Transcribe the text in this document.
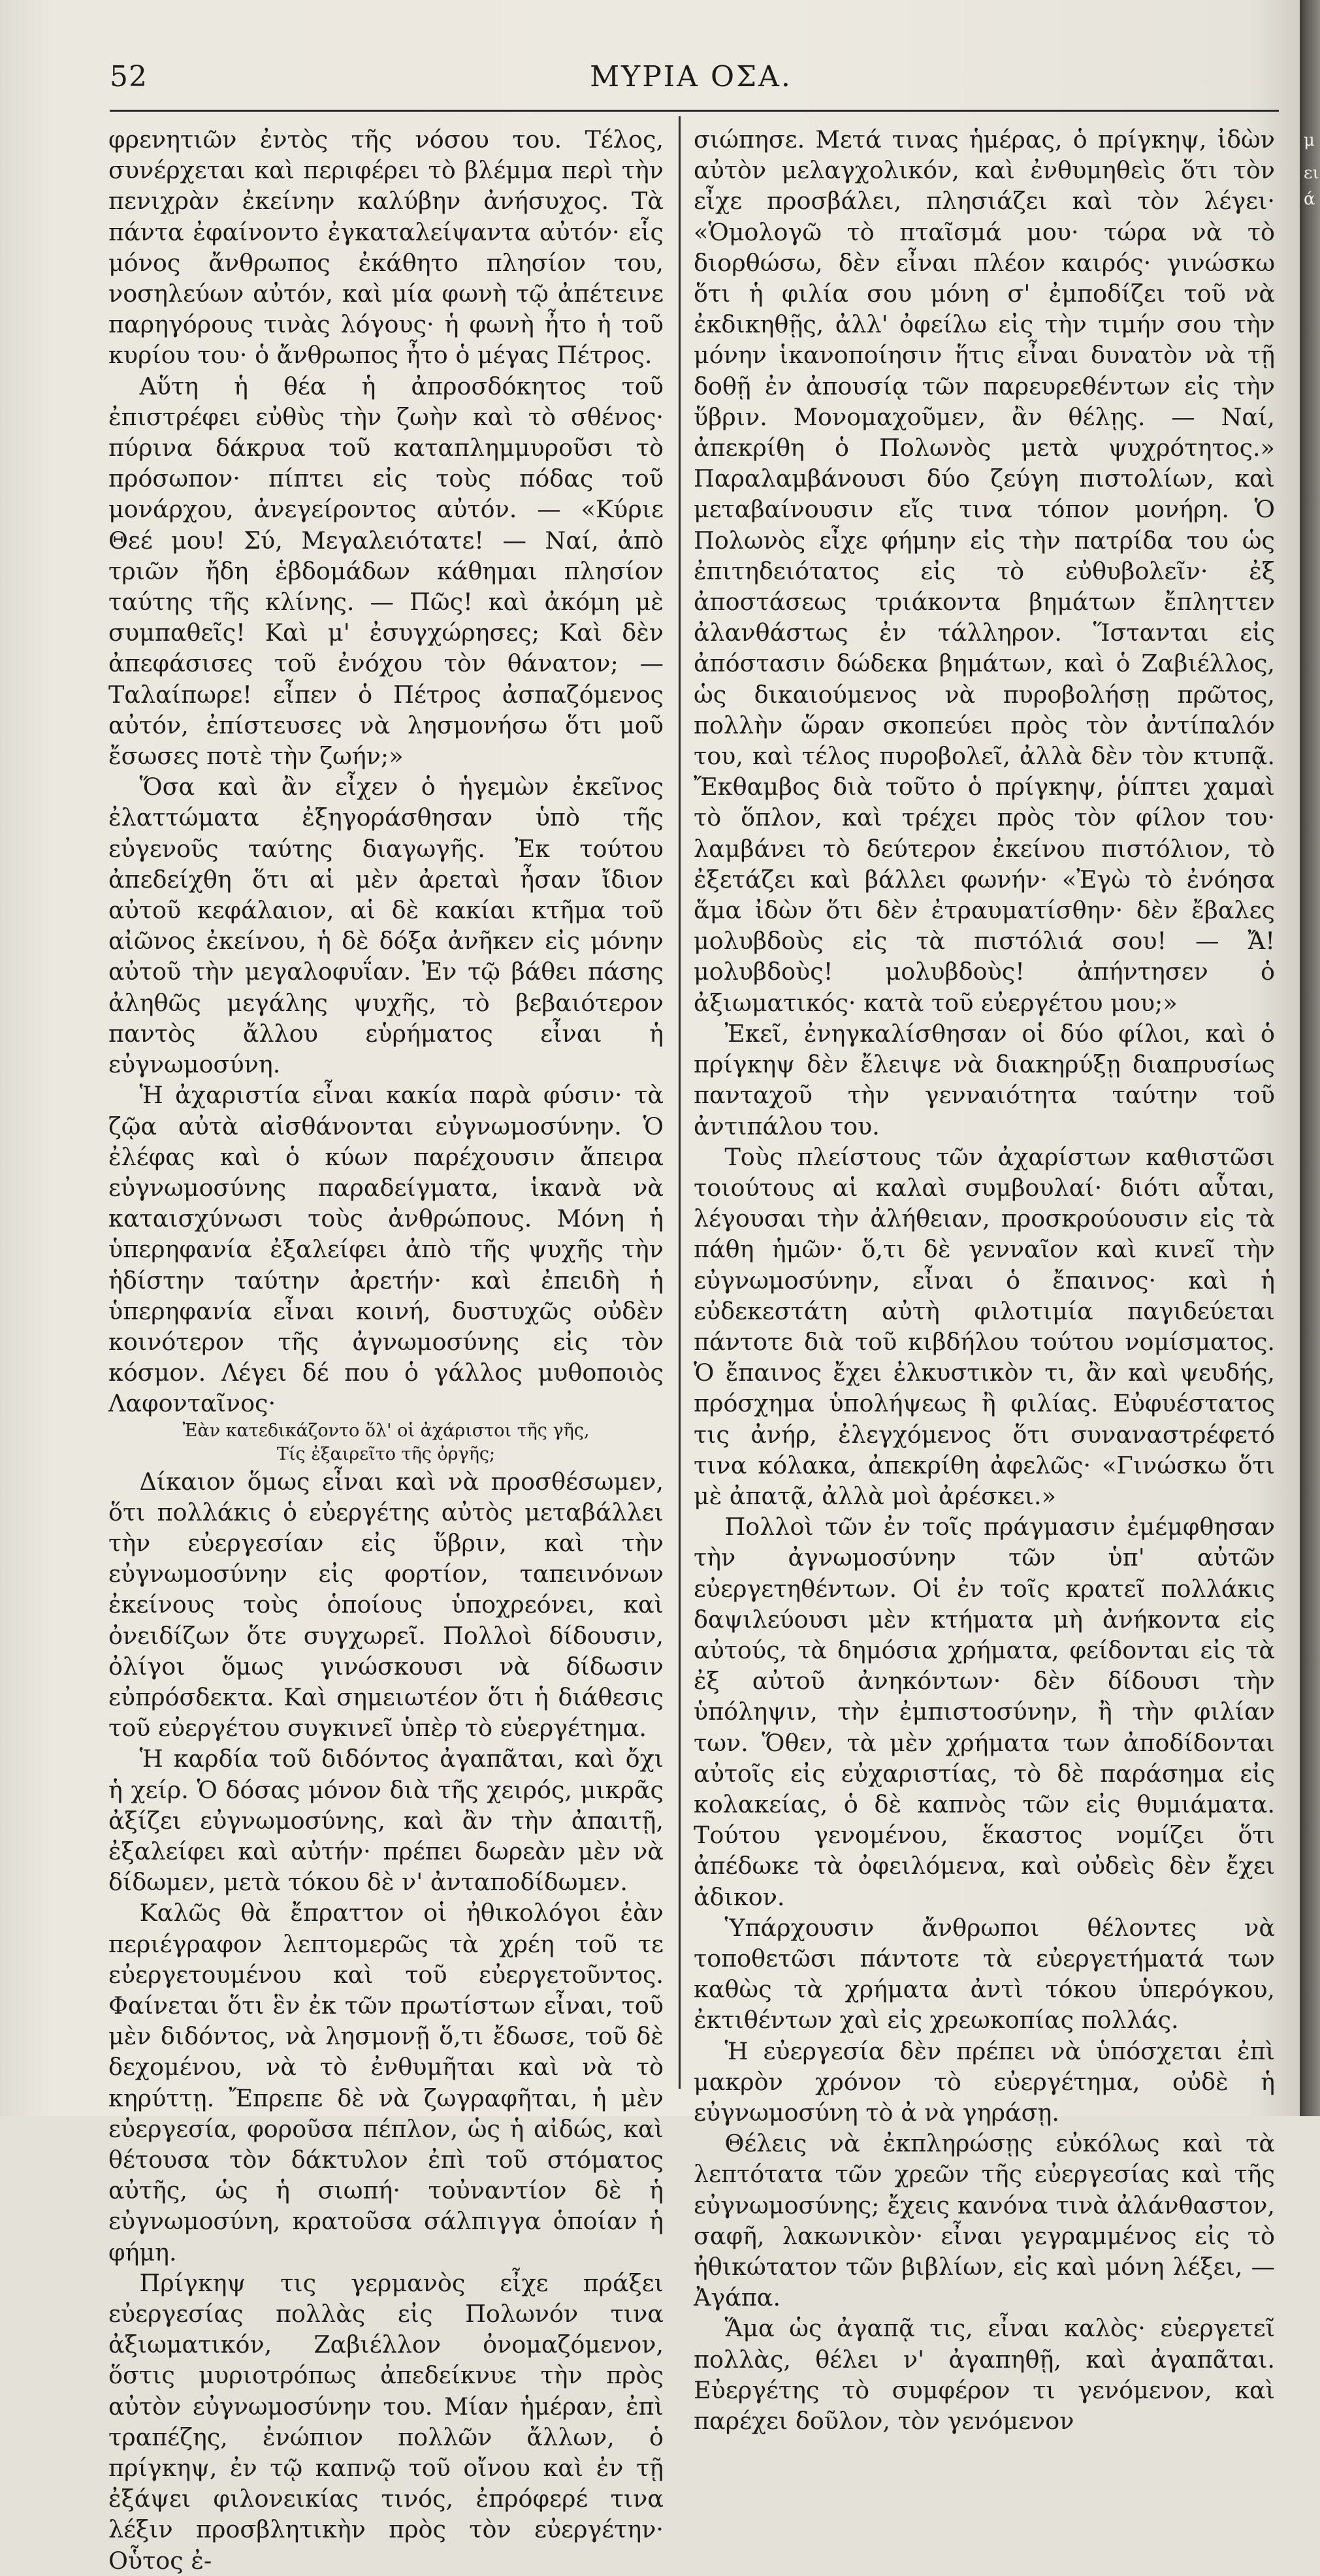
52	ΜΥΡΙΑ ΟΣΑ.

φρενητιῶν ἐντὸς τῆς νόσου του. Τέλος, συνέρχεται καὶ περιφέρει τὸ βλέμμα περὶ τὴν πενιχρὰν ἐκείνην καλύβην ἀνήσυχος. Τὰ πάντα ἐφαίνοντο ἐγκαταλείψαντα αὐτόν· εἷς μόνος ἄνθρωπος ἐκάθητο πλησίον του, νοσηλεύων αὐτόν, καὶ μία φωνὴ τῷ ἀπέτεινε παρηγόρους τινὰς λόγους· ἡ φωνὴ ἦτο ἡ τοῦ κυρίου του· ὁ ἄνθρωπος ἦτο ὁ μέγας Πέτρος.

Αὕτη ἡ θέα ἡ ἀπροσδόκητος τοῦ ἐπιστρέφει εὐθὺς τὴν ζωὴν καὶ τὸ σθένος· πύρινα δάκρυα τοῦ καταπλημμυροῦσι τὸ πρόσωπον· πίπτει εἰς τοὺς πόδας τοῦ μονάρχου, ἀνεγείροντος αὐτόν. — «Κύριε Θεέ μου! Σύ, Μεγαλειότατε! — Ναί, ἀπὸ τριῶν ἤδη ἑβδομάδων κάθημαι πλησίον ταύτης τῆς κλίνης. — Πῶς! καὶ ἀκόμη μὲ συμπαθεῖς! Καὶ μ' ἐσυγχώρησες; Καὶ δὲν ἀπεφάσισες τοῦ ἐνόχου τὸν θάνατον; — Ταλαίπωρε! εἶπεν ὁ Πέτρος ἀσπαζόμενος αὐτόν, ἐπίστευσες νὰ λησμονήσω ὅτι μοῦ ἔσωσες ποτὲ τὴν ζωήν;»

Ὅσα καὶ ἂν εἶχεν ὁ ἡγεμὼν ἐκεῖνος ἐλαττώματα ἐξηγοράσθησαν ὑπὸ τῆς εὐγενοῦς ταύτης διαγωγῆς. Ἐκ τούτου ἀπεδείχθη ὅτι αἱ μὲν ἀρεταὶ ἦσαν ἴδιον αὐτοῦ κεφάλαιον, αἱ δὲ κακίαι κτῆμα τοῦ αἰῶνος ἐκείνου, ἡ δὲ δόξα ἀνῆκεν εἰς μόνην αὐτοῦ τὴν μεγαλοφυΐαν. Ἐν τῷ βάθει πάσης ἀληθῶς μεγάλης ψυχῆς, τὸ βεβαιότερον παντὸς ἄλλου εὑρήματος εἶναι ἡ εὐγνωμοσύνη.

Ἡ ἀχαριστία εἶναι κακία παρὰ φύσιν· τὰ ζῷα αὐτὰ αἰσθάνονται εὐγνωμοσύνην. Ὁ ἐλέφας καὶ ὁ κύων παρέχουσιν ἄπειρα εὐγνωμοσύνης παραδείγματα, ἱκανὰ νὰ καταισχύνωσι τοὺς ἀνθρώπους. Μόνη ἡ ὑπερηφανία ἐξαλείφει ἀπὸ τῆς ψυχῆς τὴν ἡδίστην ταύτην ἀρετήν· καὶ ἐπειδὴ ἡ ὑπερηφανία εἶναι κοινή, δυστυχῶς οὐδὲν κοινότερον τῆς ἀγνωμοσύνης εἰς τὸν κόσμον. Λέγει δέ που ὁ γάλλος μυθοποιὸς Λαφονταῖνος·

Ἐὰν κατεδικάζοντο ὅλ' οἱ ἀχάριστοι τῆς γῆς,
Τίς ἐξαιρεῖτο τῆς ὀργῆς;

Δίκαιον ὅμως εἶναι καὶ νὰ προσθέσωμεν, ὅτι πολλάκις ὁ εὐεργέτης αὐτὸς μεταβάλλει τὴν εὐεργεσίαν εἰς ὕβριν, καὶ τὴν εὐγνωμοσύνην εἰς φορτίον, ταπεινόνων ἐκείνους τοὺς ὁποίους ὑποχρεόνει, καὶ ὀνειδίζων ὅτε συγχωρεῖ. Πολλοὶ δίδουσιν, ὀλίγοι ὅμως γινώσκουσι νὰ δίδωσιν εὐπρόσδεκτα. Καὶ σημειωτέον ὅτι ἡ διάθεσις τοῦ εὐεργέτου συγκινεῖ ὑπὲρ τὸ εὐεργέτημα.

Ἡ καρδία τοῦ διδόντος ἀγαπᾶται, καὶ ὄχι ἡ χείρ. Ὁ δόσας μόνον διὰ τῆς χειρός, μικρᾶς ἀξίζει εὐγνωμοσύνης, καὶ ἂν τὴν ἀπαιτῇ, ἐξαλείφει καὶ αὐτήν· πρέπει δωρεὰν μὲν νὰ δίδωμεν, μετὰ τόκου δὲ ν' ἀνταποδίδωμεν.

Καλῶς θὰ ἔπραττον οἱ ἠθικολόγοι ἐὰν περιέγραφον λεπτομερῶς τὰ χρέη τοῦ τε εὐεργετουμένου καὶ τοῦ εὐεργετοῦντος. Φαίνεται ὅτι ἓν ἐκ τῶν πρωτίστων εἶναι, τοῦ μὲν διδόντος, νὰ λησμονῇ ὅ,τι ἔδωσε, τοῦ δὲ δεχομένου, νὰ τὸ ἐνθυμῆται καὶ νὰ τὸ κηρύττῃ. Ἔπρεπε δὲ νὰ ζωγραφῆται, ἡ μὲν εὐεργεσία, φοροῦσα πέπλον, ὡς ἡ αἰδώς, καὶ θέτουσα τὸν δάκτυλον ἐπὶ τοῦ στόματος αὐτῆς, ὡς ἡ σιωπή· τοὐναντίον δὲ ἡ εὐγνωμοσύνη, κρατοῦσα σάλπιγγα ὁποίαν ἡ φήμη.

Πρίγκηψ τις γερμανὸς εἶχε πράξει εὐεργεσίας πολλὰς εἰς Πολωνόν τινα ἀξιωματικόν, Ζαβιέλλον ὀνομαζόμενον, ὅστις μυριοτρόπως ἀπεδείκνυε τὴν πρὸς αὐτὸν εὐγνωμοσύνην του. Μίαν ἡμέραν, ἐπὶ τραπέζης, ἐνώπιον πολλῶν ἄλλων, ὁ πρίγκηψ, ἐν τῷ καπνῷ τοῦ οἴνου καὶ ἐν τῇ ἐξάψει φιλονεικίας τινός, ἐπρόφερέ τινα λέξιν προσβλητικὴν πρὸς τὸν εὐεργέτην· Οὗτος ἐ-

σιώπησε. Μετά τινας ἡμέρας, ὁ πρίγκηψ, ἰδὼν αὐτὸν μελαγχολικόν, καὶ ἐνθυμηθεὶς ὅτι τὸν εἶχε προσβάλει, πλησιάζει καὶ τὸν λέγει· «Ὁμολογῶ τὸ πταῖσμά μου· τώρα νὰ τὸ διορθώσω, δὲν εἶναι πλέον καιρός· γινώσκω ὅτι ἡ φιλία σου μόνη σ' ἐμποδίζει τοῦ νὰ ἐκδικηθῇς, ἀλλ' ὀφείλω εἰς τὴν τιμήν σου τὴν μόνην ἱκανοποίησιν ἥτις εἶναι δυνατὸν νὰ τῇ δοθῇ ἐν ἀπουσίᾳ τῶν παρευρεθέντων εἰς τὴν ὕβριν. Μονομαχοῦμεν, ἂν θέλῃς. — Ναί, ἀπεκρίθη ὁ Πολωνὸς μετὰ ψυχρότητος.» Παραλαμβάνουσι δύο ζεύγη πιστολίων, καὶ μεταβαίνουσιν εἴς τινα τόπον μονήρη. Ὁ Πολωνὸς εἶχε φήμην εἰς τὴν πατρίδα του ὡς ἐπιτηδειότατος εἰς τὸ εὐθυβολεῖν· ἐξ ἀποστάσεως τριάκοντα βημάτων ἔπληττεν ἀλανθάστως ἐν τάλληρον. Ἵστανται εἰς ἀπόστασιν δώδεκα βημάτων, καὶ ὁ Ζαβιέλλος, ὡς δικαιούμενος νὰ πυροβολήσῃ πρῶτος, πολλὴν ὥραν σκοπεύει πρὸς τὸν ἀντίπαλόν του, καὶ τέλος πυροβολεῖ, ἀλλὰ δὲν τὸν κτυπᾷ. Ἔκθαμβος διὰ τοῦτο ὁ πρίγκηψ, ῥίπτει χαμαὶ τὸ ὅπλον, καὶ τρέχει πρὸς τὸν φίλον του· λαμβάνει τὸ δεύτερον ἐκείνου πιστόλιον, τὸ ἐξετάζει καὶ βάλλει φωνήν· «Ἐγὼ τὸ ἐνόησα ἅμα ἰδὼν ὅτι δὲν ἐτραυματίσθην· δὲν ἔβαλες μολυβδοὺς εἰς τὰ πιστόλιά σου! — Ἄ! μολυβδοὺς! μολυβδοὺς! ἀπήντησεν ὁ ἀξιωματικός· κατὰ τοῦ εὐεργέτου μου;»

Ἐκεῖ, ἐνηγκαλίσθησαν οἱ δύο φίλοι, καὶ ὁ πρίγκηψ δὲν ἔλειψε νὰ διακηρύξῃ διαπρυσίως πανταχοῦ τὴν γενναιότητα ταύτην τοῦ ἀντιπάλου του.

Τοὺς πλείστους τῶν ἀχαρίστων καθιστῶσι τοιούτους αἱ καλαὶ συμβουλαί· διότι αὗται, λέγουσαι τὴν ἀλήθειαν, προσκρούουσιν εἰς τὰ πάθη ἡμῶν· ὅ,τι δὲ γενναῖον καὶ κινεῖ τὴν εὐγνωμοσύνην, εἶναι ὁ ἔπαινος· καὶ ἡ εὐδεκεστάτη αὐτὴ φιλοτιμία παγιδεύεται πάντοτε διὰ τοῦ κιβδήλου τούτου νομίσματος. Ὁ ἔπαινος ἔχει ἐλκυστικὸν τι, ἂν καὶ ψευδής, πρόσχημα ὑπολήψεως ἢ φιλίας. Εὐφυέστατος τις ἀνήρ, ἐλεγχόμενος ὅτι συναναστρέφετό τινα κόλακα, ἀπεκρίθη ἀφελῶς· «Γινώσκω ὅτι μὲ ἀπατᾷ, ἀλλὰ μοὶ ἀρέσκει.»

Πολλοὶ τῶν ἐν τοῖς πράγμασιν ἐμέμφθησαν τὴν ἀγνωμοσύνην τῶν ὑπ' αὐτῶν εὐεργετηθέντων. Οἱ ἐν τοῖς κρατεῖ πολλάκις δαψιλεύουσι μὲν κτήματα μὴ ἀνήκοντα εἰς αὐτούς, τὰ δημόσια χρήματα, φείδονται εἰς τὰ ἐξ αὐτοῦ ἀνηκόντων· δὲν δίδουσι τὴν ὑπόληψιν, τὴν ἐμπιστοσύνην, ἢ τὴν φιλίαν των. Ὅθεν, τὰ μὲν χρήματα των ἀποδίδονται αὐτοῖς εἰς εὐχαριστίας, τὸ δὲ παράσημα εἰς κολακείας, ὁ δὲ καπνὸς τῶν εἰς θυμιάματα. Τούτου γενομένου, ἕκαστος νομίζει ὅτι ἀπέδωκε τὰ ὀφειλόμενα, καὶ οὐδεὶς δὲν ἔχει ἀδικον.

Ὑπάρχουσιν ἄνθρωποι θέλοντες νὰ τοποθετῶσι πάντοτε τὰ εὐεργετήματά των καθὼς τὰ χρήματα ἀντὶ τόκου ὑπερόγκου, ἐκτιθέντων χαὶ εἰς χρεωκοπίας πολλάς.

Ἡ εὐεργεσία δὲν πρέπει νὰ ὑπόσχεται ἐπὶ μακρὸν χρόνον τὸ εὐεργέτημα, οὐδὲ ἡ εὐγνωμοσύνη τὸ ἀ νὰ γηράσῃ.

Θέλεις νὰ ἐκπληρώσῃς εὐκόλως καὶ τὰ λεπτότατα τῶν χρεῶν τῆς εὐεργεσίας καὶ τῆς εὐγνωμοσύνης; ἔχεις κανόνα τινὰ ἀλάνθαστον, σαφῆ, λακωνικὸν· εἶναι γεγραμμένος εἰς τὸ ἠθικώτατον τῶν βιβλίων, εἰς καὶ μόνη λέξει, — Ἀγάπα.

Ἅμα ὡς ἀγαπᾷ τις, εἶναι καλὸς· εὐεργετεῖ πολλὰς, θέλει ν' ἀγαπηθῇ, καὶ ἀγαπᾶται. Εὐεργέτης τὸ συμφέρον τι γενόμενον, καὶ παρέχει δοῦλον, τὸν γενόμενον

μ
ει
ά
